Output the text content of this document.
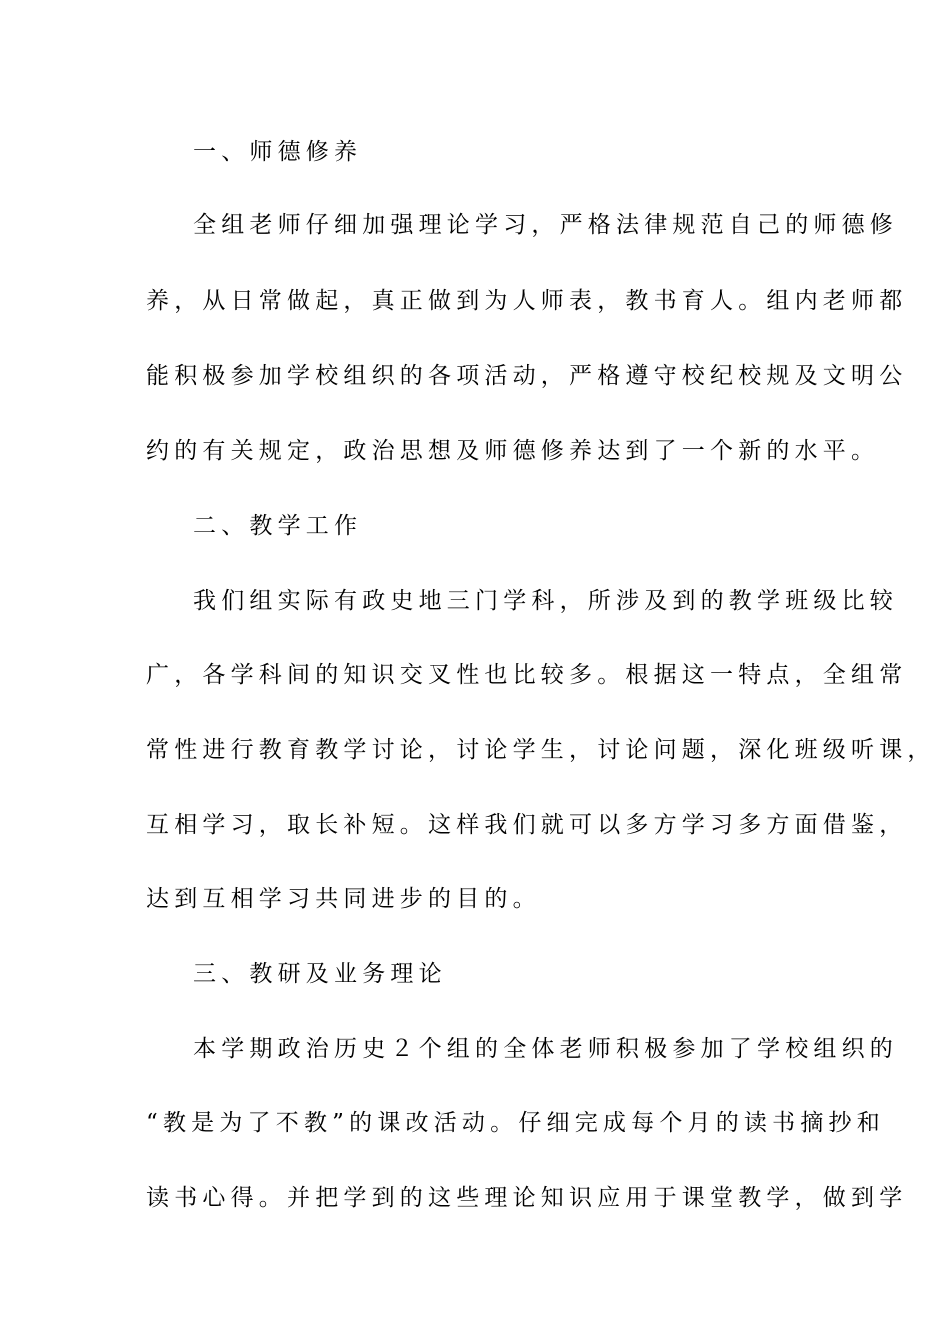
一、师德修养
全组老师仔细加强理论学习，严格法律规范自己的师德修
养，从日常做起，真正做到为人师表，教书育人。组内老师都
能积极参加学校组织的各项活动，严格遵守校纪校规及文明公
约的有关规定，政治思想及师德修养达到了一个新的水平。
二、教学工作
我们组实际有政史地三门学科，所涉及到的教学班级比较
广，各学科间的知识交叉性也比较多。根据这一特点，全组常
常性进行教育教学讨论，讨论学生，讨论问题，深化班级听课，
互相学习，取长补短。这样我们就可以多方学习多方面借鉴，
达到互相学习共同进步的目的。
三、教研及业务理论
本学期政治历史２个组的全体老师积极参加了学校组织的
“教是为了不教”的课改活动。仔细完成每个月的读书摘抄和
读书心得。并把学到的这些理论知识应用于课堂教学，做到学
